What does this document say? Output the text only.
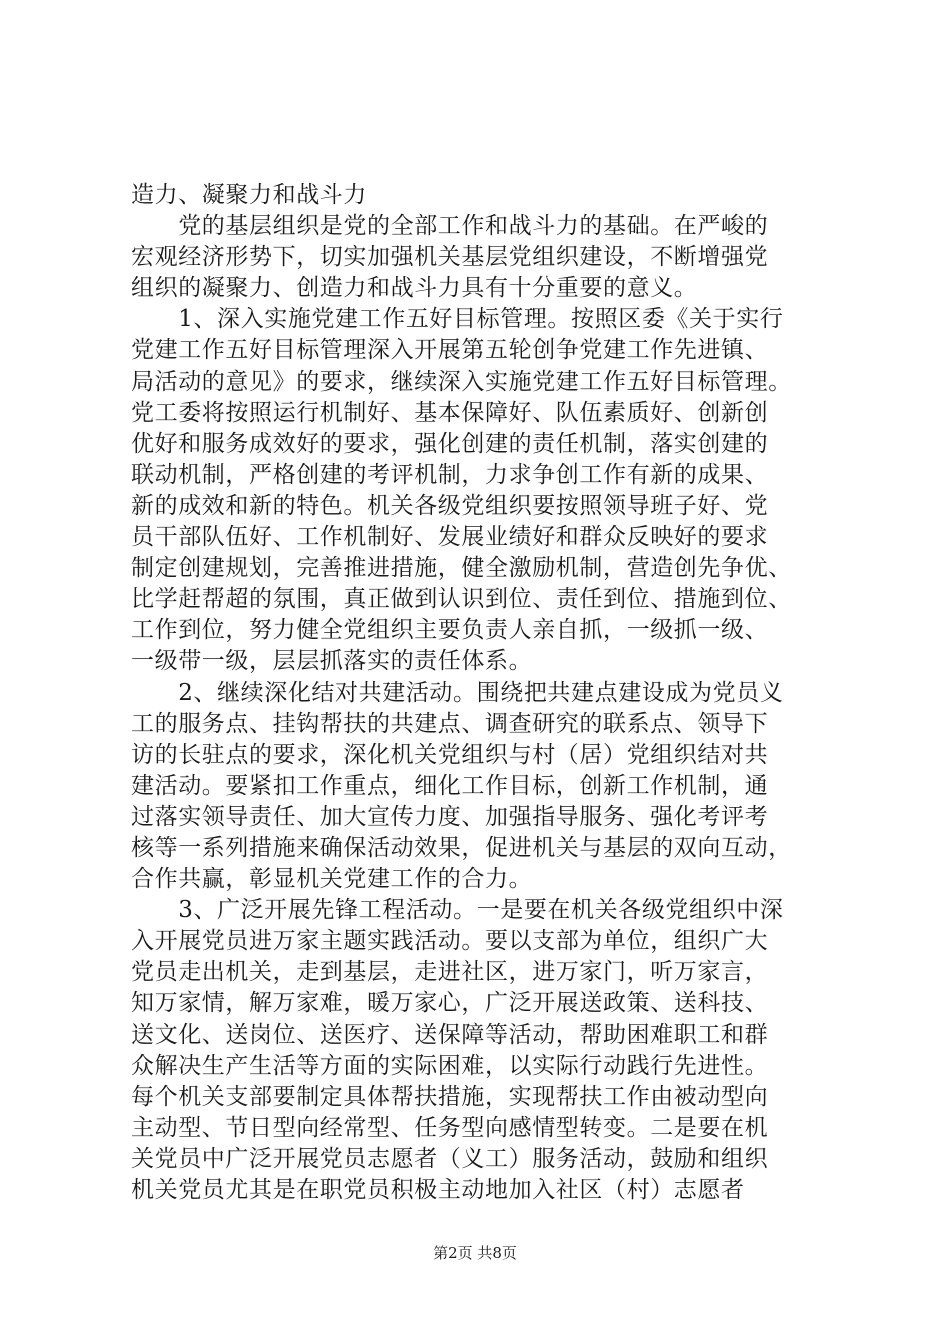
造力、凝聚力和战斗力
　　党的基层组织是党的全部工作和战斗力的基础。在严峻的
宏观经济形势下，切实加强机关基层党组织建设，不断增强党
组织的凝聚力、创造力和战斗力具有十分重要的意义。
　　1、深入实施党建工作五好目标管理。按照区委《关于实行
党建工作五好目标管理深入开展第五轮创争党建工作先进镇、
局活动的意见》的要求，继续深入实施党建工作五好目标管理。
党工委将按照运行机制好、基本保障好、队伍素质好、创新创
优好和服务成效好的要求，强化创建的责任机制，落实创建的
联动机制，严格创建的考评机制，力求争创工作有新的成果、
新的成效和新的特色。机关各级党组织要按照领导班子好、党
员干部队伍好、工作机制好、发展业绩好和群众反映好的要求
制定创建规划，完善推进措施，健全激励机制，营造创先争优、
比学赶帮超的氛围，真正做到认识到位、责任到位、措施到位、
工作到位，努力健全党组织主要负责人亲自抓，一级抓一级、
一级带一级，层层抓落实的责任体系。
　　2、继续深化结对共建活动。围绕把共建点建设成为党员义
工的服务点、挂钩帮扶的共建点、调查研究的联系点、领导下
访的长驻点的要求，深化机关党组织与村（居）党组织结对共
建活动。要紧扣工作重点，细化工作目标，创新工作机制，通
过落实领导责任、加大宣传力度、加强指导服务、强化考评考
核等一系列措施来确保活动效果，促进机关与基层的双向互动，
合作共赢，彰显机关党建工作的合力。
　　3、广泛开展先锋工程活动。一是要在机关各级党组织中深
入开展党员进万家主题实践活动。要以支部为单位，组织广大
党员走出机关，走到基层，走进社区，进万家门，听万家言，
知万家情，解万家难，暖万家心，广泛开展送政策、送科技、
送文化、送岗位、送医疗、送保障等活动，帮助困难职工和群
众解决生产生活等方面的实际困难，以实际行动践行先进性。
每个机关支部要制定具体帮扶措施，实现帮扶工作由被动型向
主动型、节日型向经常型、任务型向感情型转变。二是要在机
关党员中广泛开展党员志愿者（义工）服务活动，鼓励和组织
机关党员尤其是在职党员积极主动地加入社区（村）志愿者
第2页 共8页
